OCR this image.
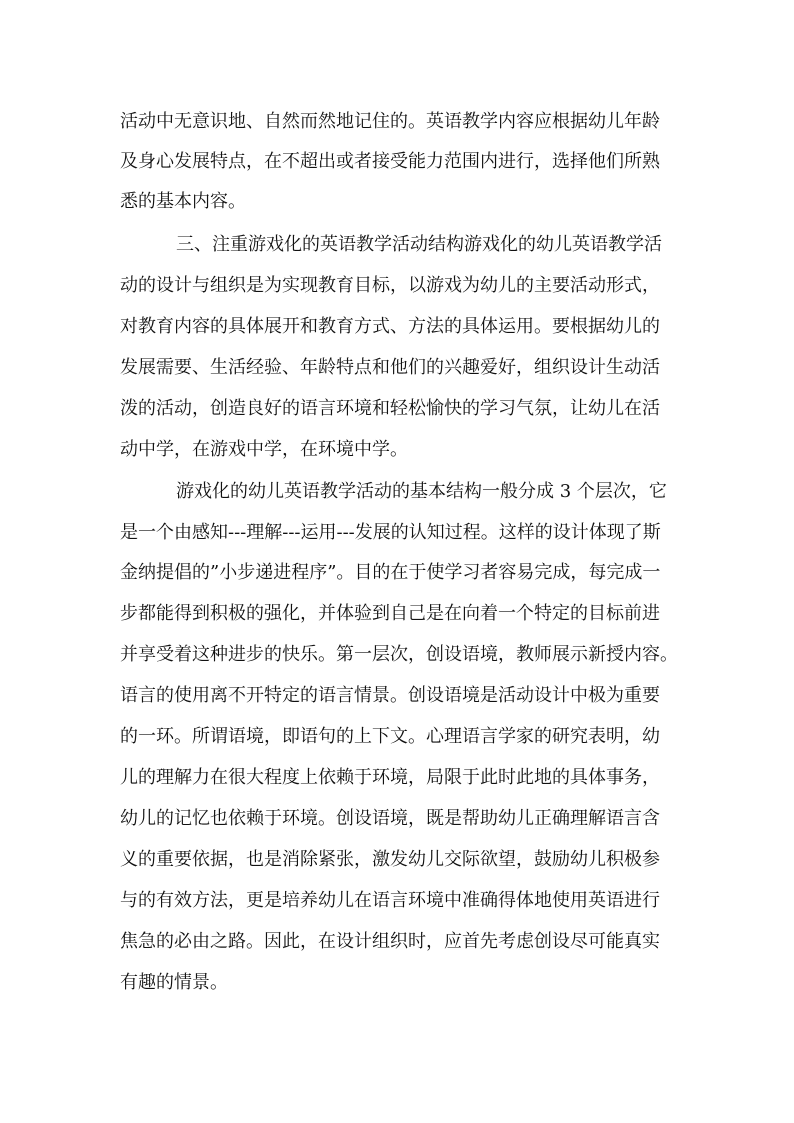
活动中无意识地、自然而然地记住的。英语教学内容应根据幼儿年龄
及身心发展特点，在不超出或者接受能力范围内进行，选择他们所熟
悉的基本内容。
三、注重游戏化的英语教学活动结构游戏化的幼儿英语教学活
动的设计与组织是为实现教育目标，以游戏为幼儿的主要活动形式，
对教育内容的具体展开和教育方式、方法的具体运用。要根据幼儿的
发展需要、生活经验、年龄特点和他们的兴趣爱好，组织设计生动活
泼的活动，创造良好的语言环境和轻松愉快的学习气氛，让幼儿在活
动中学，在游戏中学，在环境中学。
游戏化的幼儿英语教学活动的基本结构一般分成 3 个层次，它
是一个由感知---理解---运用---发展的认知过程。这样的设计体现了斯
金纳提倡的”小步递进程序”。目的在于使学习者容易完成，每完成一
步都能得到积极的强化，并体验到自己是在向着一个特定的目标前进
并享受着这种进步的快乐。第一层次，创设语境，教师展示新授内容。
语言的使用离不开特定的语言情景。创设语境是活动设计中极为重要
的一环。所谓语境，即语句的上下文。心理语言学家的研究表明，幼
儿的理解力在很大程度上依赖于环境，局限于此时此地的具体事务，
幼儿的记忆也依赖于环境。创设语境，既是帮助幼儿正确理解语言含
义的重要依据，也是消除紧张，激发幼儿交际欲望，鼓励幼儿积极参
与的有效方法，更是培养幼儿在语言环境中准确得体地使用英语进行
焦急的必由之路。因此，在设计组织时，应首先考虑创设尽可能真实
有趣的情景。
